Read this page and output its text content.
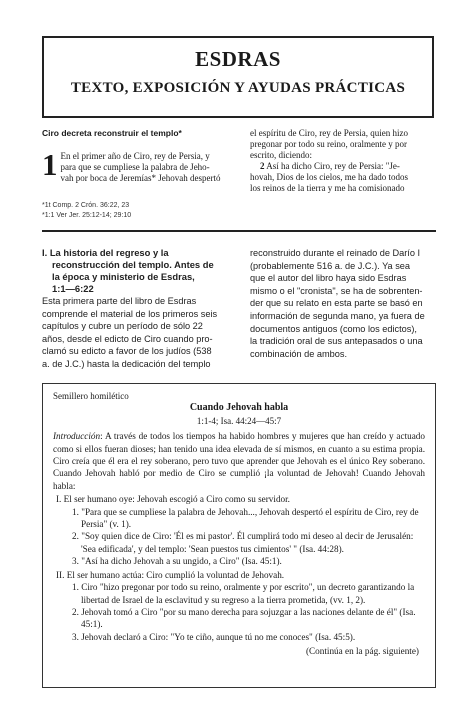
ESDRAS
TEXTO, EXPOSICIÓN Y AYUDAS PRÁCTICAS
Ciro decreta reconstruir el templo*
1 En el primer año de Ciro, rey de Persia, y
para que se cumpliese la palabra de Jeho-
vah por boca de Jeremías* Jehovah despertó
el espíritu de Ciro, rey de Persia, quien hizo
pregonar por todo su reino, oralmente y por
escrito, diciendo:
2 Así ha dicho Ciro, rey de Persia: "Je-
hovah, Dios de los cielos, me ha dado todos
los reinos de la tierra y me ha comisionado
*1t Comp. 2 Crón. 36:22, 23
*1:1 Ver Jer. 25:12-14; 29:10
I. La historia del regreso y la
reconstrucción del templo. Antes de
la época y ministerio de Esdras,
1:1—6:22
Esta primera parte del libro de Esdras
comprende el material de los primeros seis
capítulos y cubre un período de sólo 22
años, desde el edicto de Ciro cuando pro-
clamó su edicto a favor de los judíos (538
a. de J.C.) hasta la dedicación del templo
reconstruido durante el reinado de Darío I
(probablemente 516 a. de J.C.). Ya sea
que el autor del libro haya sido Esdras
mismo o el "cronista", se ha de sobrenten-
der que su relato en esta parte se basó en
información de segunda mano, ya fuera de
documentos antiguos (como los edictos),
la tradición oral de sus antepasados o una
combinación de ambos.
Semillero homilético
Cuando Jehovah habla
1:1-4; Isa. 44:24—45:7
Introducción: A través de todos los tiempos ha habido hombres y mujeres que han creído y actuado como si ellos fueran dioses; han tenido una idea elevada de sí mismos, en cuanto a su estima propia. Ciro creía que él era el rey soberano, pero tuvo que aprender que Jehovah es el único Rey soberano. Cuando Jehovah habló por medio de Ciro se cumplió ¡la voluntad de Jehovah! Cuando Jehovah habla:
I. El ser humano oye: Jehovah escogió a Ciro como su servidor.
1. "Para que se cumpliese la palabra de Jehovah..., Jehovah despertó el espíritu de Ciro, rey de Persia" (v. 1).
2. "Soy quien dice de Ciro: 'Él es mi pastor'. Él cumplirá todo mi deseo al decir de Jerusalén: 'Sea edificada', y del templo: 'Sean puestos tus cimientos' " (Isa. 44:28).
3. "Así ha dicho Jehovah a su ungido, a Ciro" (Isa. 45:1).
II. El ser humano actúa: Ciro cumplió la voluntad de Jehovah.
1. Ciro "hizo pregonar por todo su reino, oralmente y por escrito", un decreto garantizando la libertad de Israel de la esclavitud y su regreso a la tierra prometida, (vv. 1, 2).
2. Jehovah tomó a Ciro "por su mano derecha para sojuzgar a las naciones delante de él" (Isa. 45:1).
3. Jehovah declaró a Ciro: "Yo te ciño, aunque tú no me conoces" (Isa. 45:5).
(Continúa en la pág. siguiente)
